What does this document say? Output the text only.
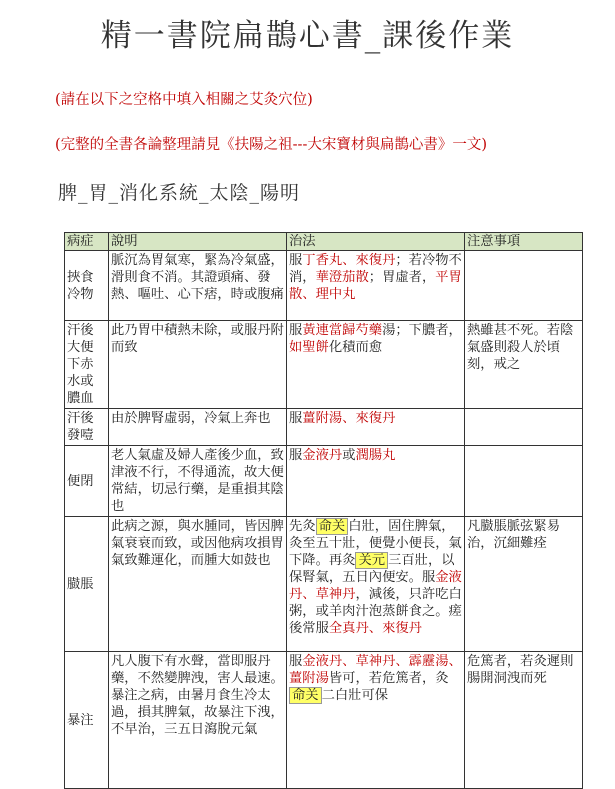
精一書院扁鵲心書_課後作業
(請在以下之空格中填入相關之艾灸穴位)
(完整的全書各論整理請見《扶陽之祖---大宋寶材與扁鵲心書》一文)
脾_胃_消化系統_太陰_陽明
病症	說明	治法	注意事項
挾食冷物	脈沉為胃氣寒，緊為冷氣盛，滑則食不消。其證頭痛、發熱、嘔吐、心下痞，時或腹痛	服丁香丸、來復丹；若冷物不消，華澄茄散；胃虛者，平胃散、理中丸	
汗後大便下赤水或膿血	此乃胃中積熱未除，或服丹附而致	服黃連當歸芍藥湯；下膿者，如聖餅化積而愈	熱雖甚不死。若陰氣盛則殺人於頃刻，戒之
汗後發噎	由於脾腎虛弱，冷氣上奔也	服薑附湯、來復丹	
便閉	老人氣虛及婦人產後少血，致津液不行，不得通流，故大便常結，切忌行藥，是重損其陰也	服金液丹或潤腸丸	
臌脹	此病之源，與水腫同，皆因脾氣衰衰而致，或因他病攻損胃氣致難運化，而腫大如鼓也	先灸 命关 白壯，固住脾氣，灸至五十壯，便覺小便長，氣下降。再灸 关元 三百壯，以保腎氣，五日內便安。服金液丹、草神丹，減後，只許吃白粥，或羊肉汁泡蒸餅食之。瘥後常服全真丹、來復丹	凡臌脹脈弦緊易治，沉細難痊
暴注	凡人腹下有水聲，當即服丹藥，不然變脾洩，害人最速。暴注之病，由暑月食生冷太過，損其脾氣，故暴注下洩，不早治，三五日瀉脫元氣	服金液丹、草神丹、霹靂湯、薑附湯皆可，若危篤者，灸命关 二白壯可保	危篤者，若灸遲則腸開洞洩而死
